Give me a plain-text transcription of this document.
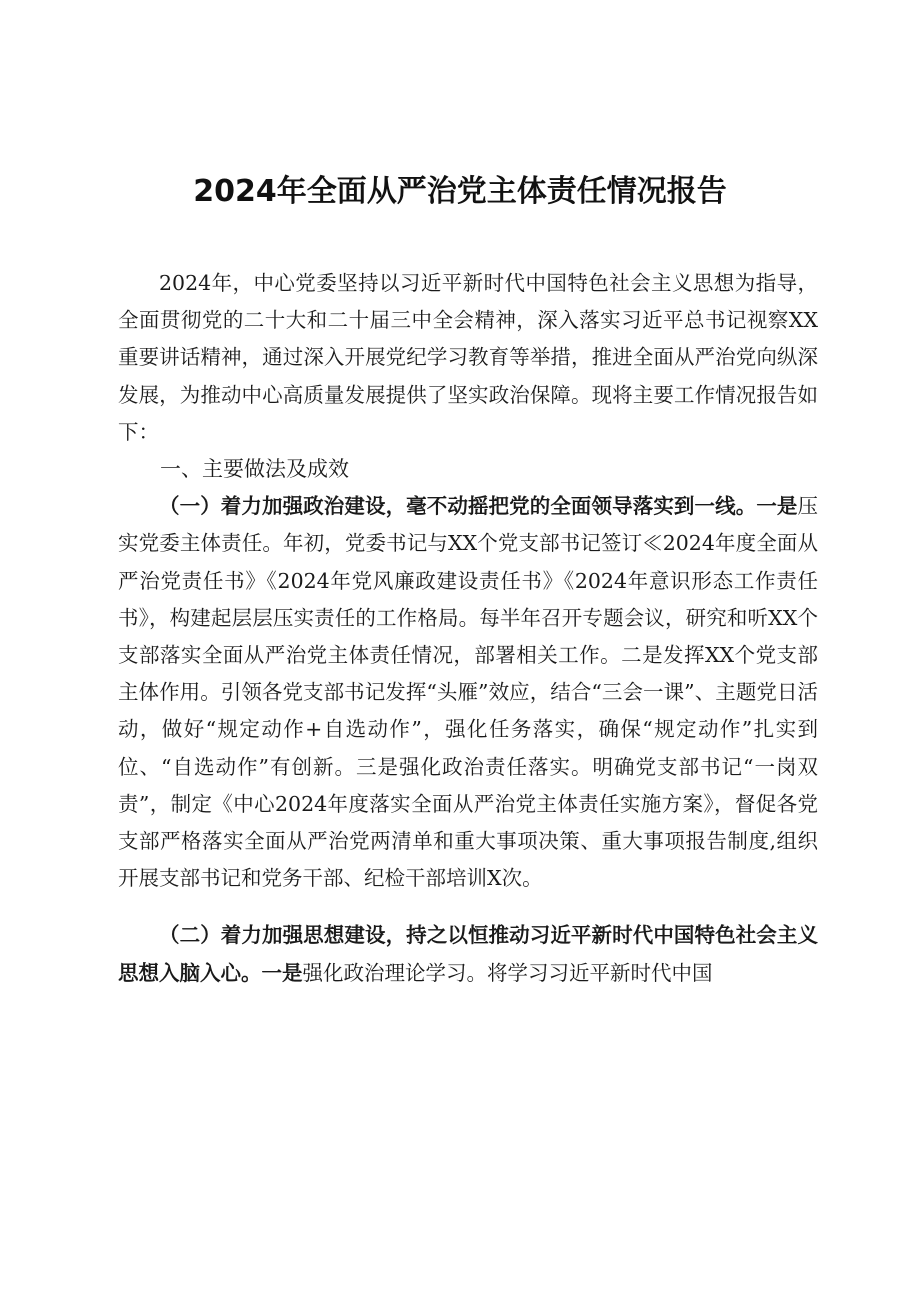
2024年全面从严治党主体责任情况报告

2024年，中心党委坚持以习近平新时代中国特色社会主义思想为指导，全面贯彻党的二十大和二十届三中全会精神，深入落实习近平总书记视察XX重要讲话精神，通过深入开展党纪学习教育等举措，推进全面从严治党向纵深发展，为推动中心高质量发展提供了坚实政治保障。现将主要工作情况报告如下：

一、主要做法及成效

（一）着力加强政治建设，毫不动摇把党的全面领导落实到一线。一是压实党委主体责任。年初，党委书记与XX个党支部书记签订≪2024年度全面从严治党责任书》《2024年党风廉政建设责任书》《2024年意识形态工作责任书》，构建起层层压实责任的工作格局。每半年召开专题会议，研究和听XX个支部落实全面从严治党主体责任情况，部署相关工作。二是发挥XX个党支部主体作用。引领各党支部书记发挥“头雁”效应，结合“三会一课”、主题党日活动，做好“规定动作+自选动作”，强化任务落实，确保“规定动作”扎实到位、“自选动作”有创新。三是强化政治责任落实。明确党支部书记“一岗双责”，制定《中心2024年度落实全面从严治党主体责任实施方案》，督促各党支部严格落实全面从严治党两清单和重大事项决策、重大事项报告制度,组织开展支部书记和党务干部、纪检干部培训X次。

（二）着力加强思想建设，持之以恒推动习近平新时代中国特色社会主义思想入脑入心。一是强化政治理论学习。将学习习近平新时代中国
